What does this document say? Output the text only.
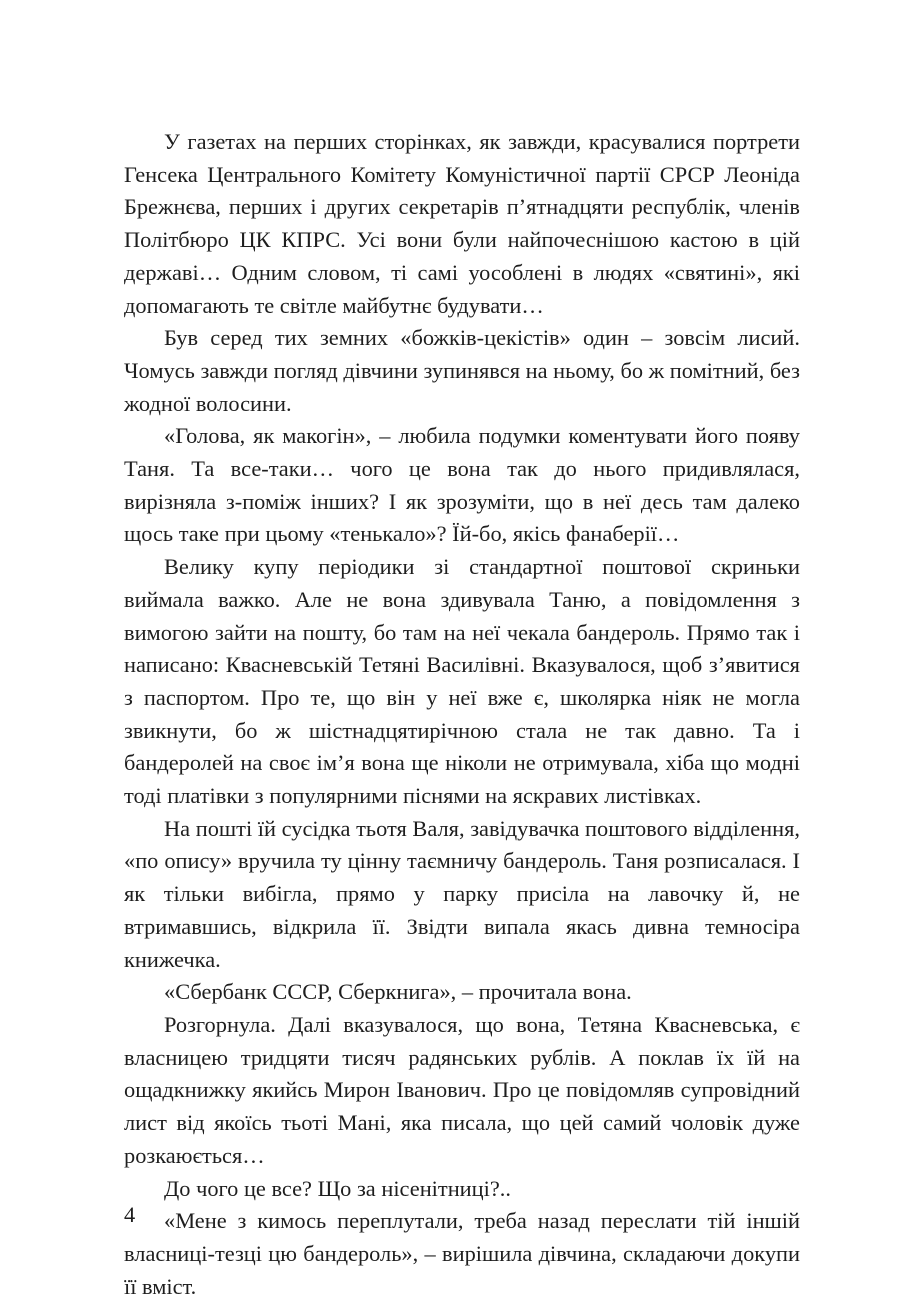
У газетах на перших сторінках, як завжди, красувалися портрети Генсека Центрального Комітету Комуністичної партії СРСР Леоніда Брежнєва, перших і других секретарів п’ятнадцяти республік, членів Політбюро ЦК КПРС. Усі вони були найпочеснішою кастою в цій державі… Одним словом, ті самі уособлені в людях «святині», які допомагають те світле майбутнє будувати…

Був серед тих земних «божків-цекістів» один – зовсім лисий. Чомусь завжди погляд дівчини зупинявся на ньому, бо ж помітний, без жодної волосини.

«Голова, як макогін», – любила подумки коментувати його появу Таня. Та все-таки… чого це вона так до нього придивлялася, вирізняла з-поміж інших? І як зрозуміти, що в неї десь там далеко щось таке при цьому «тенькало»? Їй-бо, якісь фанаберії…

Велику купу періодики зі стандартної поштової скриньки виймала важко. Але не вона здивувала Таню, а повідомлення з вимогою зайти на пошту, бо там на неї чекала бандероль. Прямо так і написано: Квасневській Тетяні Василівні. Вказувалося, щоб з’явитися з паспортом. Про те, що він у неї вже є, школярка ніяк не могла звикнути, бо ж шістнадцятирічною стала не так давно. Та і бандеролей на своє ім’я вона ще ніколи не отримувала, хіба що модні тоді платівки з популярними піснями на яскравих листівках.

На пошті їй сусідка тьотя Валя, завідувачка поштового відділення, «по опису» вручила ту цінну таємничу бандероль. Таня розписалася. І як тільки вибігла, прямо у парку присіла на лавочку й, не втримавшись, відкрила її. Звідти випала якась дивна темносіра книжечка.

«Сбербанк СССР, Сберкнига», – прочитала вона.

Розгорнула. Далі вказувалося, що вона, Тетяна Квасневська, є власницею тридцяти тисяч радянських рублів. А поклав їх їй на ощадкнижку якийсь Мирон Іванович. Про це повідомляв супровідний лист від якоїсь тьоті Мані, яка писала, що цей самий чоловік дуже розкаюється…

До чого це все? Що за нісенітниці?..

«Мене з кимось переплутали, треба назад переслати тій іншій власниці-тезці цю бандероль», – вирішила дівчина, складаючи докупи її вміст.

4
